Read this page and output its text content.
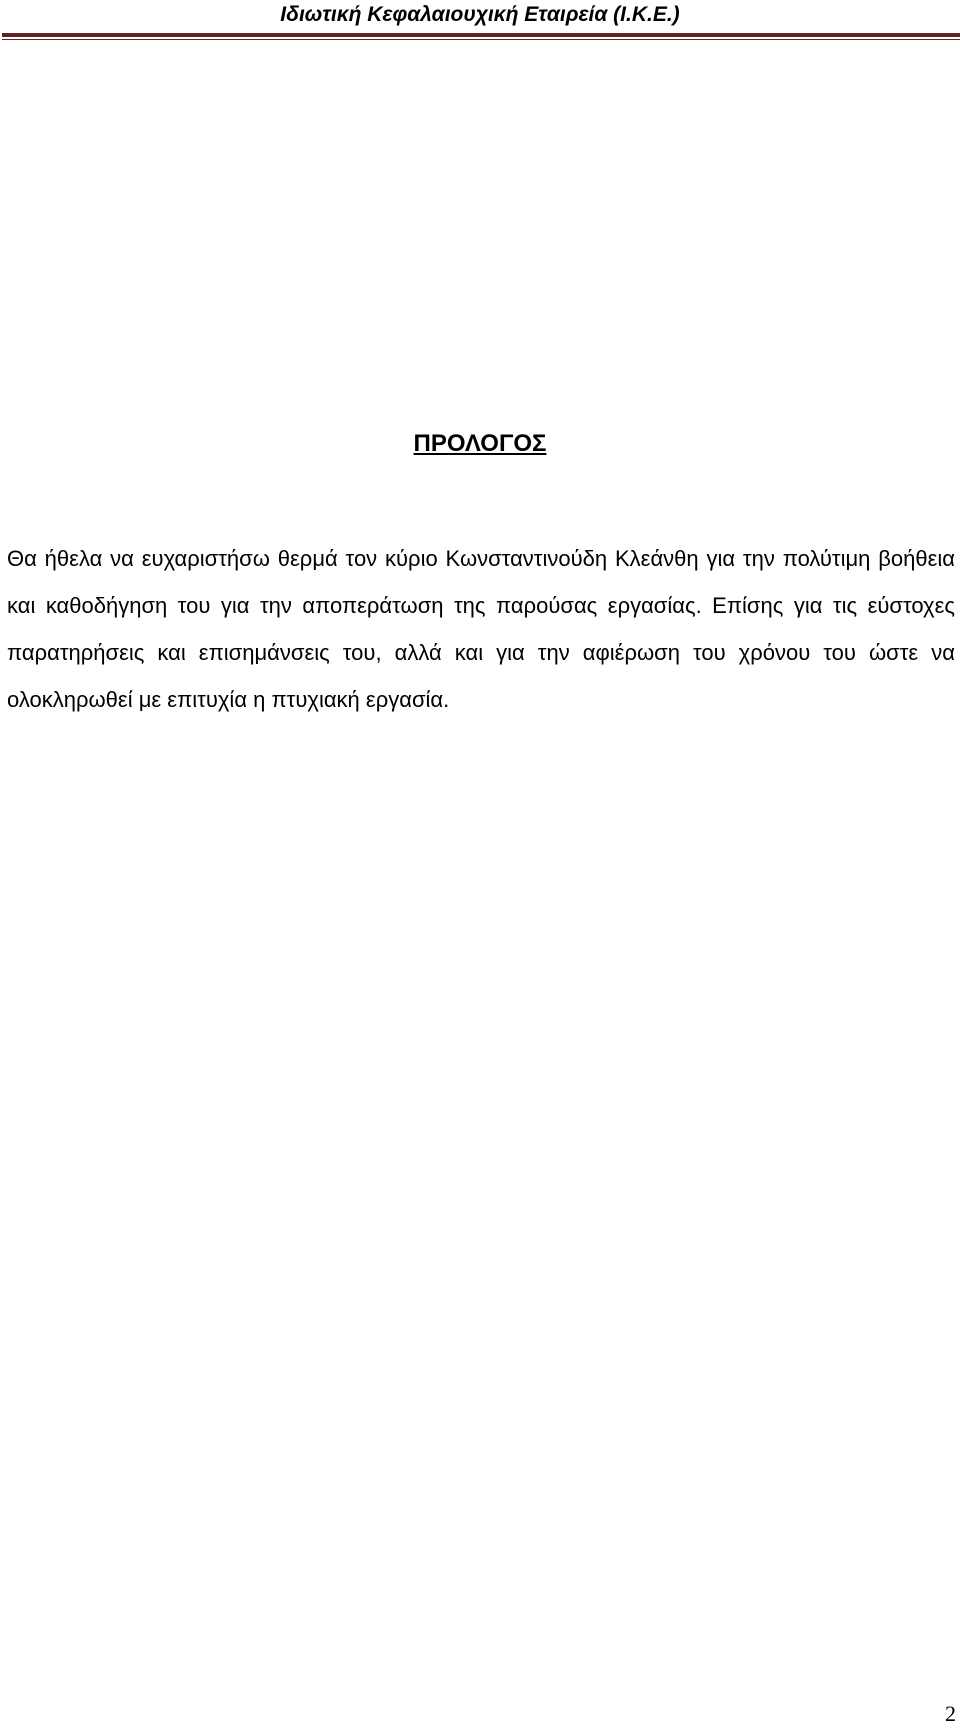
Ιδιωτική Κεφαλαιουχική Εταιρεία (Ι.Κ.Ε.)
ΠΡΟΛΟΓΟΣ

Θα ήθελα να ευχαριστήσω θερμά τον κύριο Κωνσταντινούδη Κλεάνθη για την πολύτιμη βοήθεια και καθοδήγηση του για την αποπεράτωση της παρούσας εργασίας. Επίσης για τις εύστοχες παρατηρήσεις και επισημάνσεις του, αλλά και για την αφιέρωση του χρόνου του ώστε να ολοκληρωθεί με επιτυχία η πτυχιακή εργασία.

2
